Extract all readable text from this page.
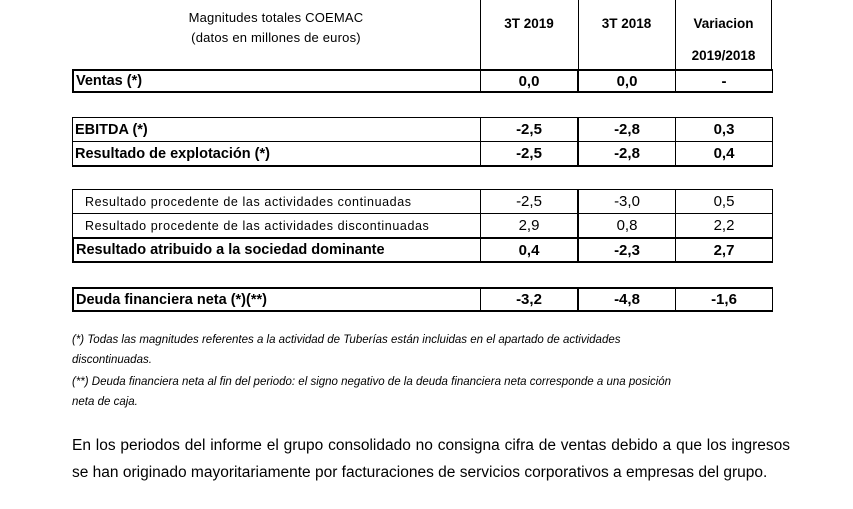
Magnitudes totales COEMAC
(datos en millones de euros)
3T 2019	3T 2018	Variacion
2019/2018
Ventas (*)	0,0	0,0	-
EBITDA (*)	-2,5	-2,8	0,3
Resultado de explotación (*)	-2,5	-2,8	0,4
Resultado procedente de las actividades continuadas	-2,5	-3,0	0,5
Resultado procedente de las actividades discontinuadas	2,9	0,8	2,2
Resultado atribuido a la sociedad dominante	0,4	-2,3	2,7
Deuda financiera neta (*)(**)	-3,2	-4,8	-1,6
(*) Todas las magnitudes referentes a la actividad de Tuberías están incluidas en el apartado de actividades
discontinuadas.
(**) Deuda financiera neta al fin del periodo: el signo negativo de la deuda financiera neta corresponde a una posición
neta de caja.
En los periodos del informe el grupo consolidado no consigna cifra de ventas debido a que los ingresos se han originado mayoritariamente por facturaciones de servicios corporativos a empresas del grupo.
